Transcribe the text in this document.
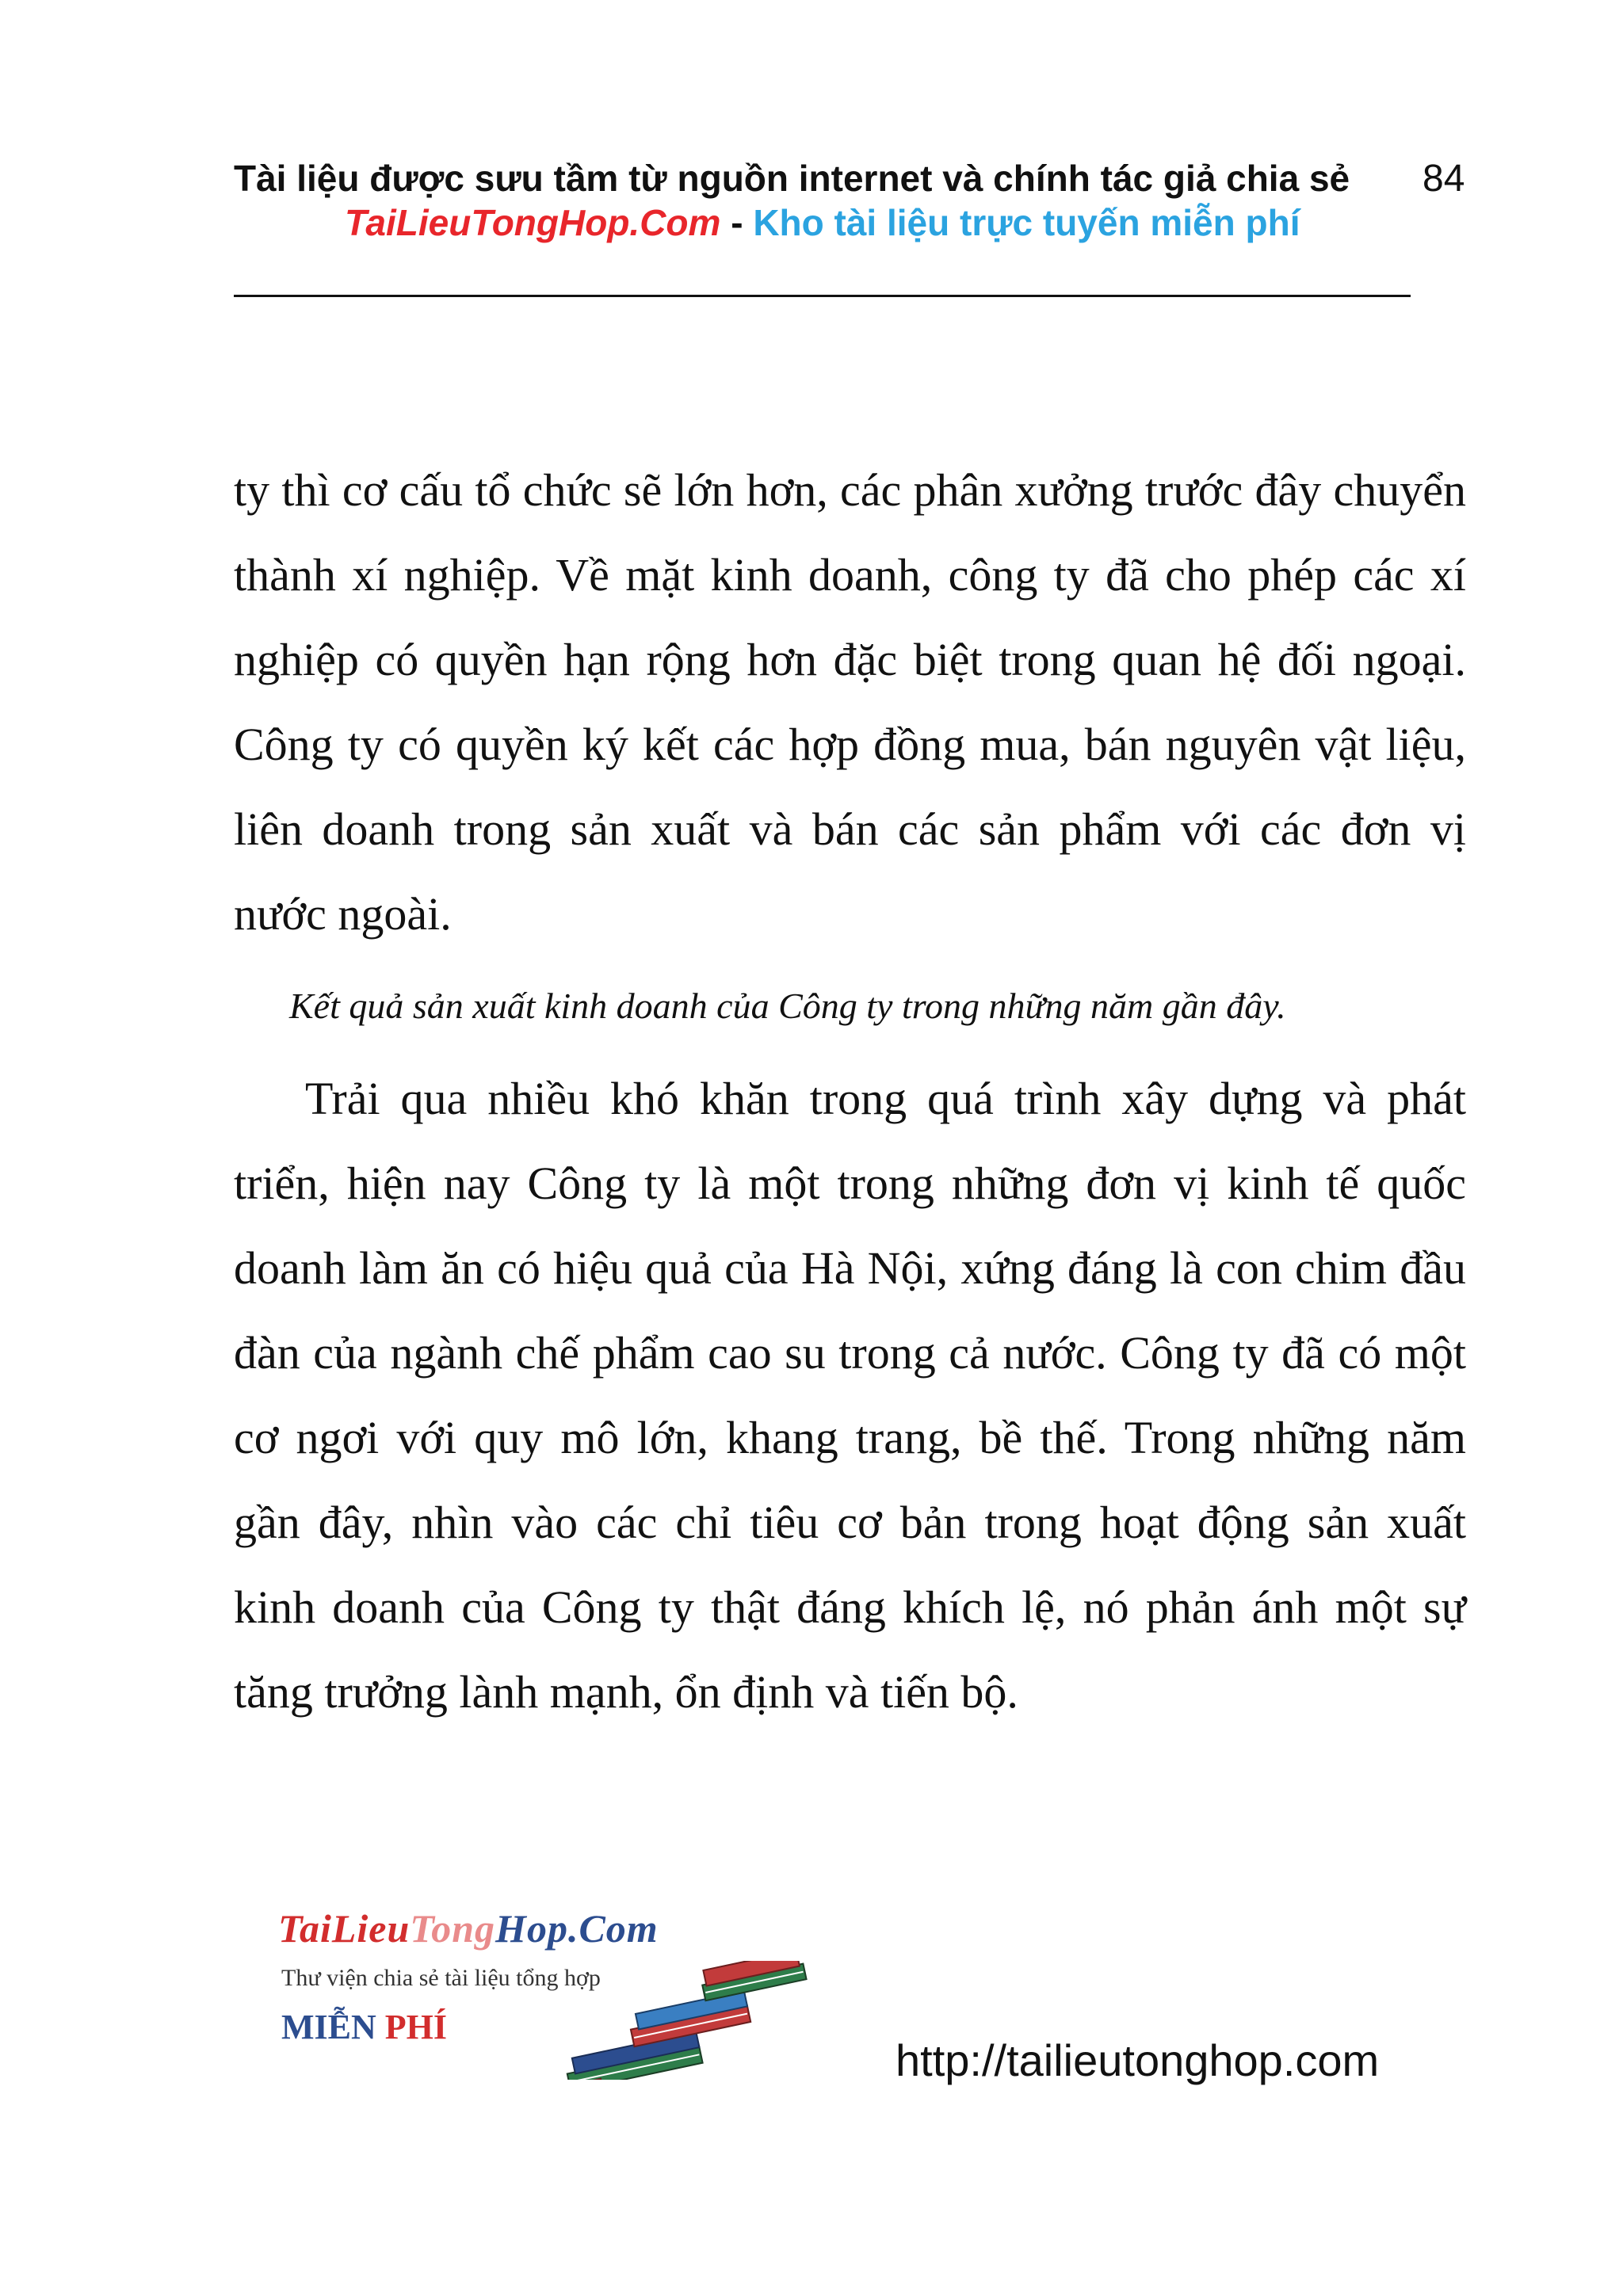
Tài liệu được sưu tầm từ nguồn internet và chính tác giả chia sẻ 84
TaiLieuTongHop.Com - Kho tài liệu trực tuyến miễn phí

ty thì cơ cấu tổ chức sẽ lớn hơn, các phân xưởng trước đây chuyển thành xí nghiệp. Về mặt kinh doanh, công ty đã cho phép các xí nghiệp có quyền hạn rộng hơn đặc biệt trong quan hệ đối ngoại. Công ty có quyền ký kết các hợp đồng mua, bán nguyên vật liệu, liên doanh trong sản xuất và bán các sản phẩm với các đơn vị nước ngoài.

Kết quả sản xuất kinh doanh của Công ty trong những năm gần đây.

Trải qua nhiều khó khăn trong quá trình xây dựng và phát triển, hiện nay Công ty là một trong những đơn vị kinh tế quốc doanh làm ăn có hiệu quả của Hà Nội, xứng đáng là con chim đầu đàn của ngành chế phẩm cao su trong cả nước. Công ty đã có một cơ ngơi với quy mô lớn, khang trang, bề thế. Trong những năm gần đây, nhìn vào các chỉ tiêu cơ bản trong hoạt động sản xuất kinh doanh của Công ty thật đáng khích lệ, nó phản ánh một sự tăng trưởng lành mạnh, ổn định và tiến bộ.

TaiLieuTongHop.Com
Thư viện chia sẻ tài liệu tổng hợp
MIỄN PHÍ
http://tailieutonghop.com
